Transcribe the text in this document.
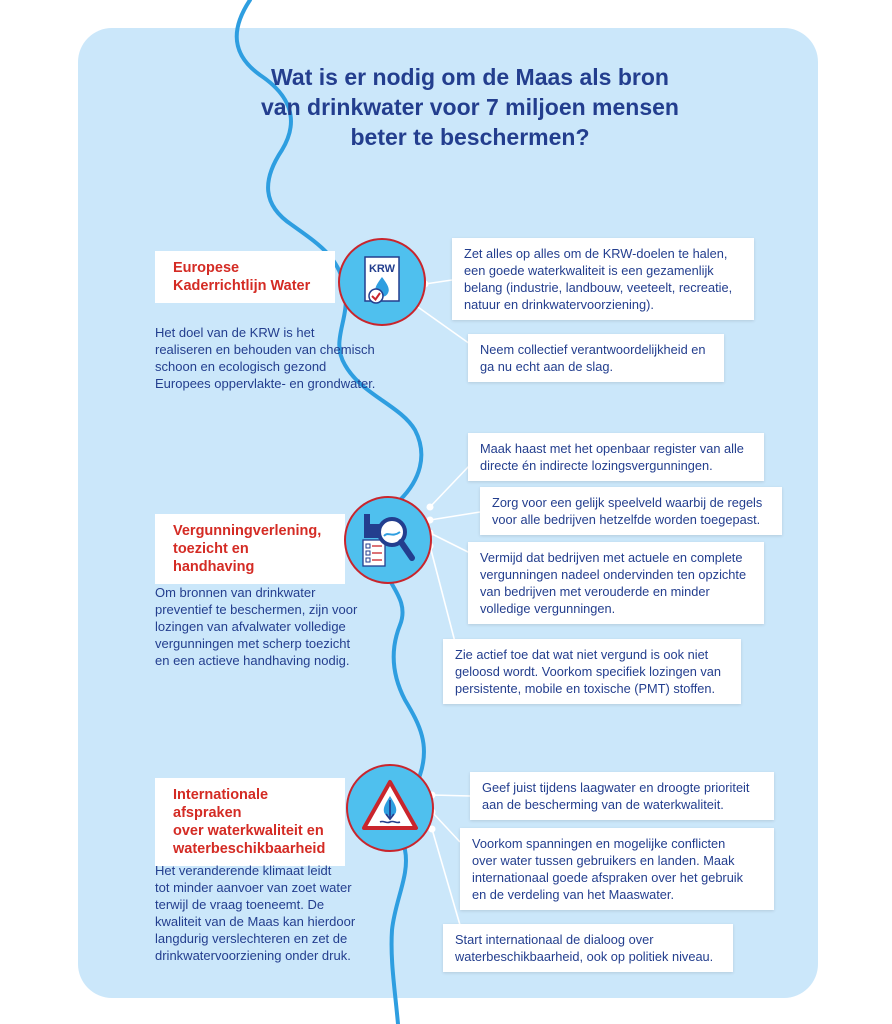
Wat is er nodig om de Maas als bron
van drinkwater voor 7 miljoen mensen
beter te beschermen?
Europese
Kaderrichtlijn Water
KRW

Het doel van de KRW is het
realiseren en behouden van chemisch
schoon en ecologisch gezond
Europees oppervlakte- en grondwater.

Zet alles op alles om de KRW-doelen te halen,
een goede waterkwaliteit is een gezamenlijk
belang (industrie, landbouw, veeteelt, recreatie,
natuur en drinkwatervoorziening).
Neem collectief verantwoordelijkheid en
ga nu echt aan de slag.
Vergunningverlening,
toezicht en handhaving

Om bronnen van drinkwater
preventief te beschermen, zijn voor
lozingen van afvalwater volledige
vergunningen met scherp toezicht
en een actieve handhaving nodig.

Maak haast met het openbaar register van alle
directe én indirecte lozingsvergunningen.
Zorg voor een gelijk speelveld waarbij de regels
voor alle bedrijven hetzelfde worden toegepast.
Vermijd dat bedrijven met actuele en complete
vergunningen nadeel ondervinden ten opzichte
van bedrijven met verouderde en minder
volledige vergunningen.
Zie actief toe dat wat niet vergund is ook niet
geloosd wordt. Voorkom specifiek lozingen van
persistente, mobile en toxische (PMT) stoffen.
Internationale afspraken
over waterkwaliteit en
waterbeschikbaarheid

Het veranderende klimaat leidt
tot minder aanvoer van zoet water
terwijl de vraag toeneemt. De
kwaliteit van de Maas kan hierdoor
langdurig verslechteren en zet de
drinkwatervoorziening onder druk.

Geef juist tijdens laagwater en droogte prioriteit
aan de bescherming van de waterkwaliteit.
Voorkom spanningen en mogelijke conflicten
over water tussen gebruikers en landen. Maak
internationaal goede afspraken over het gebruik
en de verdeling van het Maaswater.
Start internationaal de dialoog over
waterbeschikbaarheid, ook op politiek niveau.
